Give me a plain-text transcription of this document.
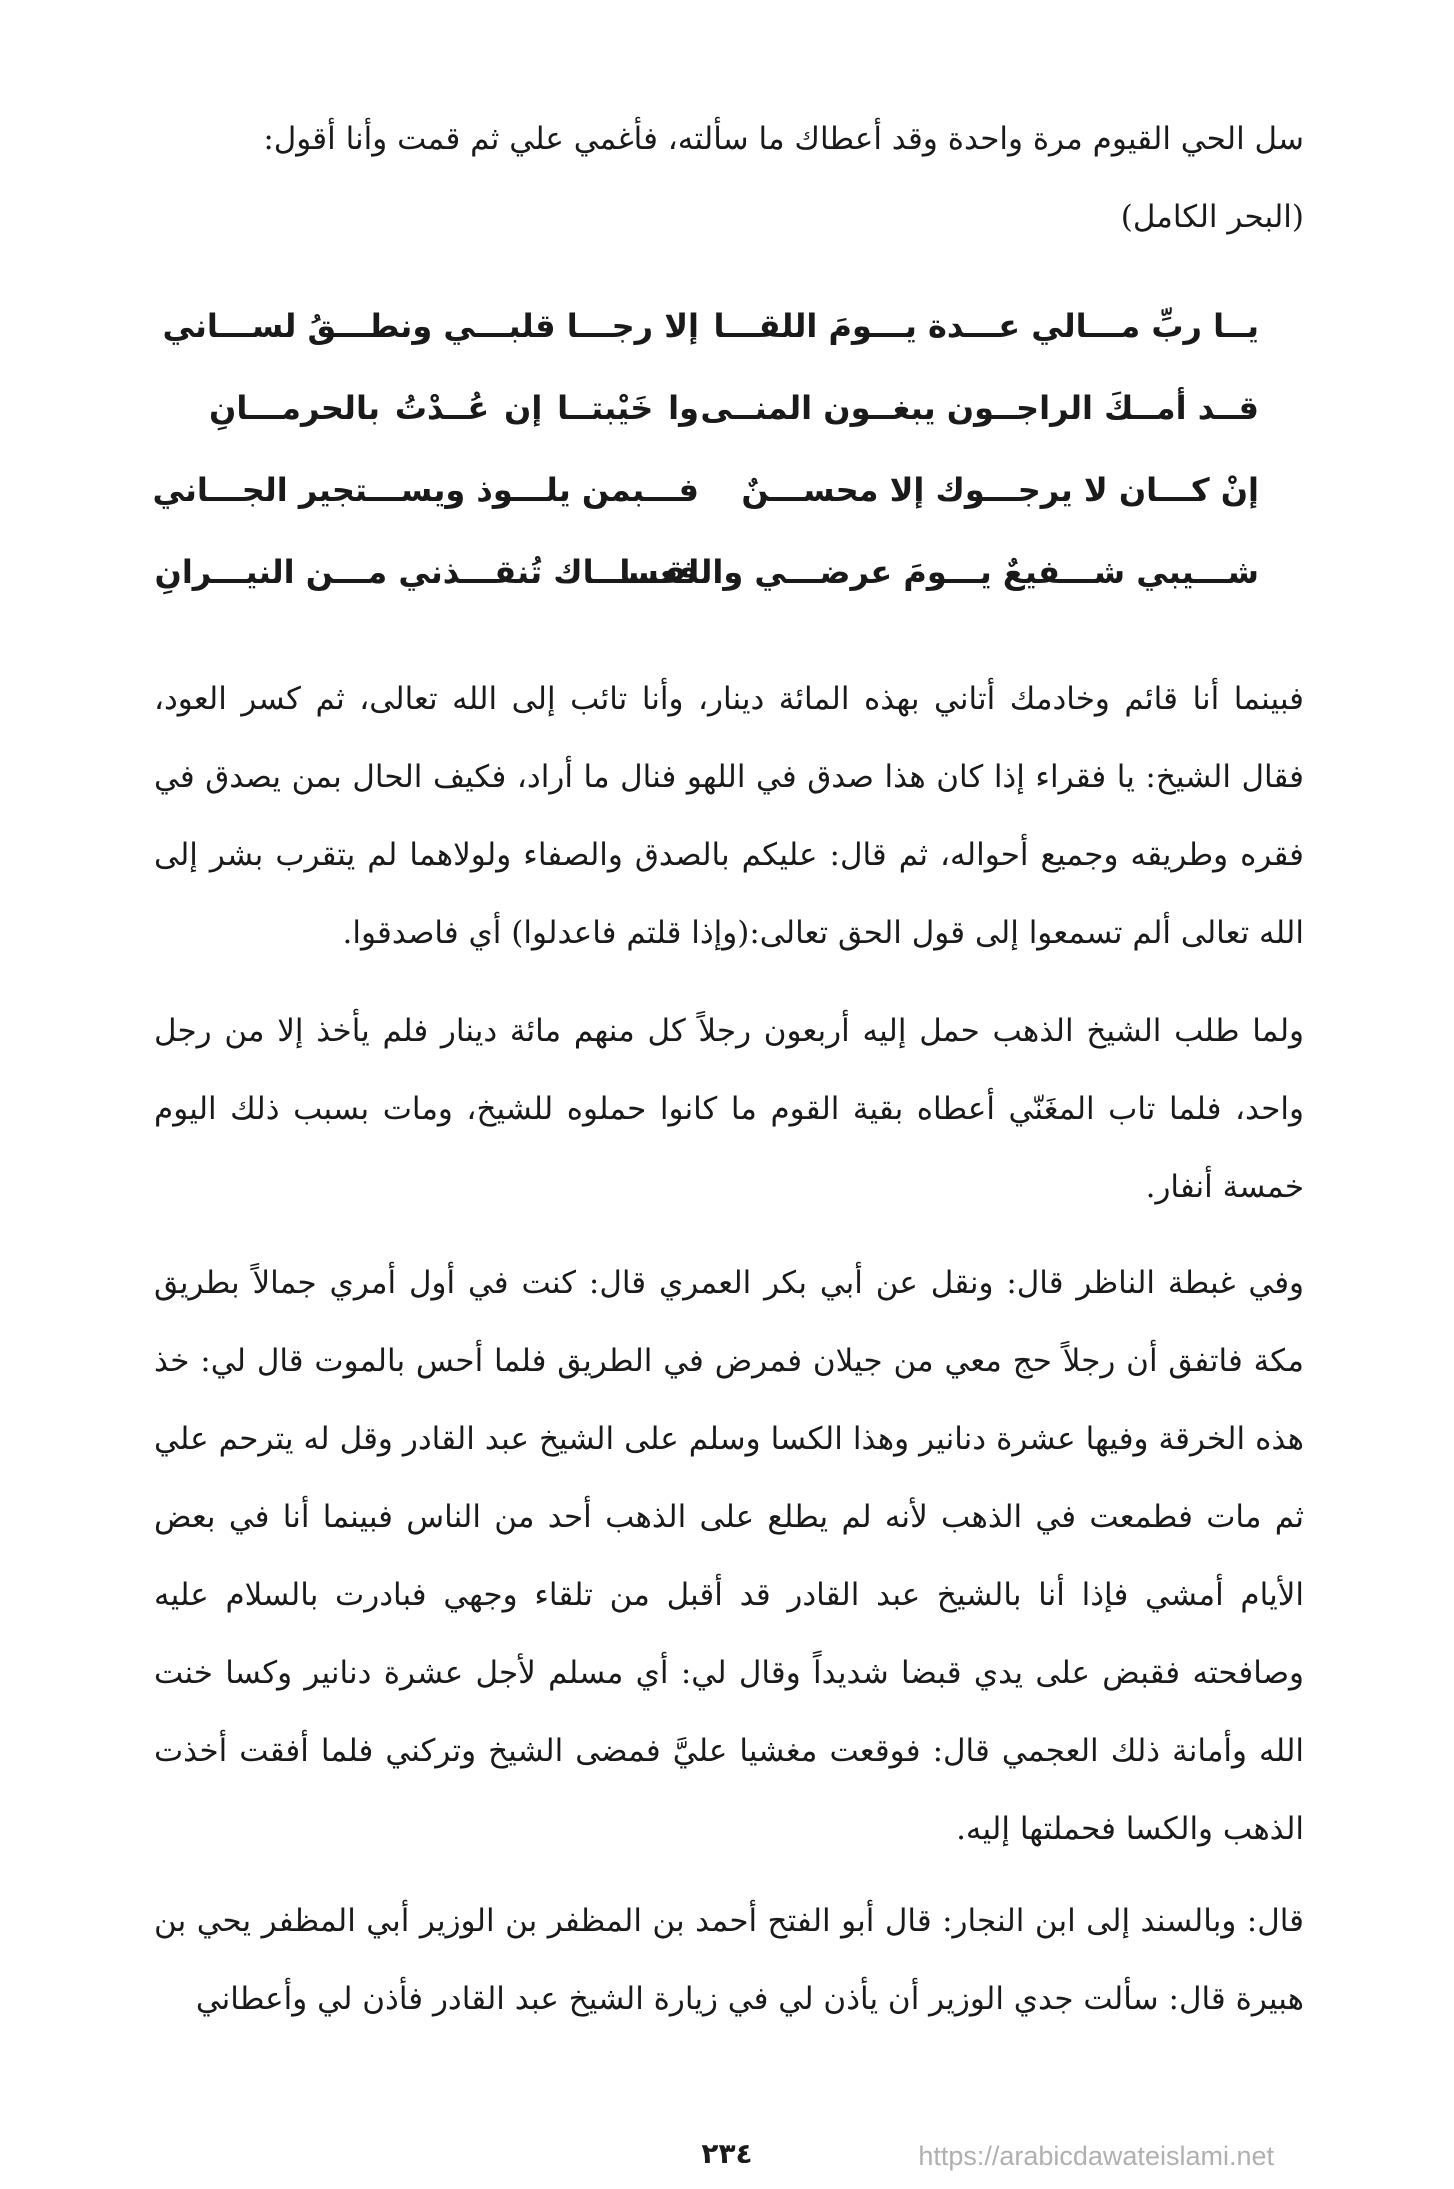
سل الحي القيوم مرة واحدة وقد أعطاك ما سألته، فأغمي علي ثم قمت وأنا أقول:
(البحر الكامل)

يــا ربِّ مـــالي عـــدة يـــومَ اللقـــا
إلا رجـــا قلبـــي ونطـــقُ لســـاني
قــد أمــكَ الراجــون يبغــون المنــى
وا خَيْبتــا إن عُــدْتُ بالحرمـــانِ
إنْ كـــان لا يرجـــوك إلا محســـنٌ
فـــبمن يلـــوذ ويســـتجير الجـــاني
شـــيبي شـــفيعٌ يـــومَ عرضـــي واللقـــا
فعســـاك تُنقـــذني مـــن النيـــرانِ

فبينما أنا قائم وخادمك أتاني بهذه المائة دينار، وأنا تائب إلى الله تعالى، ثم كسر العود، فقال الشيخ: يا فقراء إذا كان هذا صدق في اللهو فنال ما أراد، فكيف الحال بمن يصدق في فقره وطريقه وجميع أحواله، ثم قال: عليكم بالصدق والصفاء ولولاهما لم يتقرب بشر إلى الله تعالى ألم تسمعوا إلى قول الحق تعالى:(وإذا قلتم فاعدلوا) أي فاصدقوا.

ولما طلب الشيخ الذهب حمل إليه أربعون رجلاً كل منهم مائة دينار فلم يأخذ إلا من رجل واحد، فلما تاب المغَنّي أعطاه بقية القوم ما كانوا حملوه للشيخ، ومات بسبب ذلك اليوم خمسة أنفار.

وفي غبطة الناظر قال: ونقل عن أبي بكر العمري قال: كنت في أول أمري جمالاً بطريق مكة فاتفق أن رجلاً حج معي من جيلان فمرض في الطريق فلما أحس بالموت قال لي: خذ هذه الخرقة وفيها عشرة دنانير وهذا الكسا وسلم على الشيخ عبد القادر وقل له يترحم علي ثم مات فطمعت في الذهب لأنه لم يطلع على الذهب أحد من الناس فبينما أنا في بعض الأيام أمشي فإذا أنا بالشيخ عبد القادر قد أقبل من تلقاء وجهي فبادرت بالسلام عليه وصافحته فقبض على يدي قبضا شديداً وقال لي: أي مسلم لأجل عشرة دنانير وكسا خنت الله وأمانة ذلك العجمي قال: فوقعت مغشيا عليَّ فمضى الشيخ وتركني فلما أفقت أخذت الذهب والكسا فحملتها إليه.

قال: وبالسند إلى ابن النجار: قال أبو الفتح أحمد بن المظفر بن الوزير أبي المظفر يحي بن هبيرة قال: سألت جدي الوزير أن يأذن لي في زيارة الشيخ عبد القادر فأذن لي وأعطاني

٢٣٤	https://arabicdawateislami.net
